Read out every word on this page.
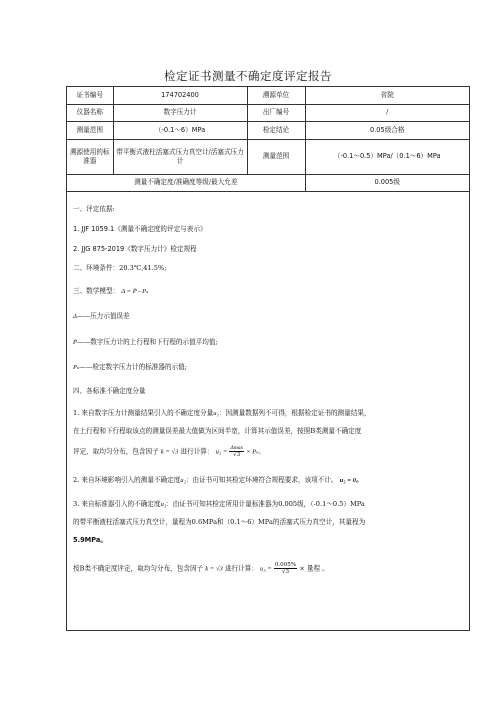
检定证书测量不确定度评定报告
证书编号	174702400	溯源单位	省院
仪器名称	数字压力计	出厂编号	/
测量范围	（-0.1～6）MPa	检定结论	0.05级合格
溯源使用的标准器	带平衡式液柱活塞式压力真空计/活塞式压力计	测量范围	（-0.1～0.5）MPa/（0.1～6）MPa
测量不确定度/准确度等级/最大允差			0.005级
一、评定依据:
1. JJF 1059.1《测量不确定度的评定与表示》
2. JJG 875-2019《数字压力计》检定规程
二、环境条件：20.3℃,41.5%;
三、数学模型： Δ = P̄ - Pₛ
Δ——压力示值误差
P̄——数字压力计的上行程和下行程的示值平均值;
Pₛ——检定数字压力计的标准器的示值;
四、各标准不确定度分量
1. 来自数字压力计测量结果引入的不确定度分量u₁：因测量数据列不可得，根据检定证书的测量结果，
在上行程和下行程取该点的测量误差最大值做为区间半宽，计算其示值误差，按照B类测量不确定度
评定，取均匀分布，包含因子 k = √3 进行计算： $u_1 = \frac{\Delta\max}{√3} \times P_s$。
2. 来自环境影响引入的测量不确定度u₂：由证书可知其检定环境符合规程要求，该项不计。 u₂ = 0。
3. 来自标准器引入的不确定度u₃：由证书可知其检定所用计量标准器为0.005级，（-0.1～0.5）MPa
的带平衡液柱活塞式压力真空计，量程为0.6MPa和（0.1～6）MPa的活塞式压力真空计，其量程为
5.9MPa。
按B类不确定度评定，取均匀分布，包含因子 k = √3 进行计算： $u_3 = \frac{0.005\%}{√3}$ × 量程 。
